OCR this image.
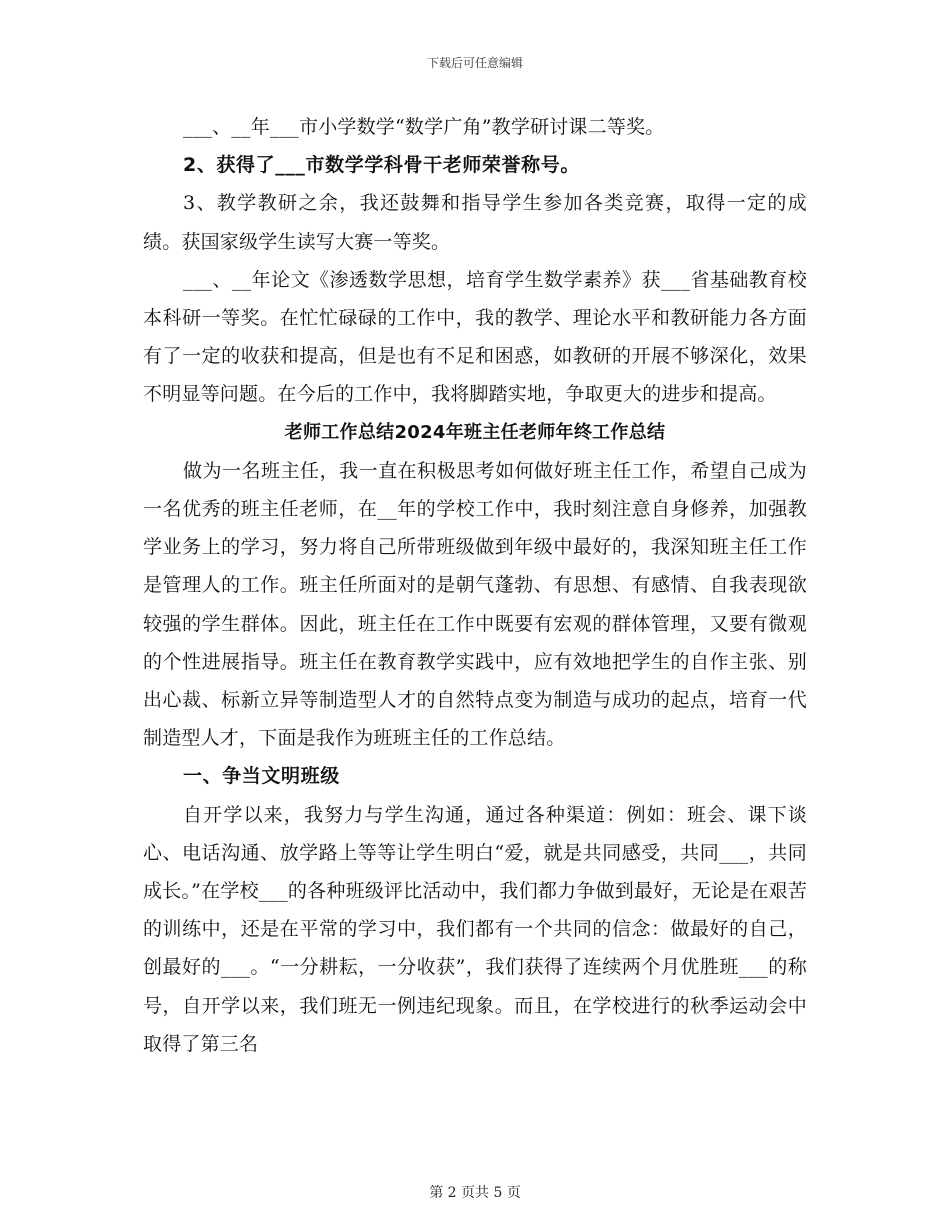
下载后可任意编辑

___、__年___市小学数学“数学广角”教学研讨课二等奖。

2、获得了___市数学学科骨干老师荣誉称号。

3、教学教研之余，我还鼓舞和指导学生参加各类竞赛，取得一定的成绩。获国家级学生读写大赛一等奖。

___、__年论文《渗透数学思想，培育学生数学素养》获___省基础教育校本科研一等奖。在忙忙碌碌的工作中，我的教学、理论水平和教研能力各方面有了一定的收获和提高，但是也有不足和困惑，如教研的开展不够深化，效果不明显等问题。在今后的工作中，我将脚踏实地，争取更大的进步和提高。

老师工作总结2024年班主任老师年终工作总结

做为一名班主任，我一直在积极思考如何做好班主任工作，希望自己成为一名优秀的班主任老师，在__年的学校工作中，我时刻注意自身修养，加强教学业务上的学习，努力将自己所带班级做到年级中最好的，我深知班主任工作是管理人的工作。班主任所面对的是朝气蓬勃、有思想、有感情、自我表现欲较强的学生群体。因此，班主任在工作中既要有宏观的群体管理，又要有微观的个性进展指导。班主任在教育教学实践中，应有效地把学生的自作主张、别出心裁、标新立异等制造型人才的自然特点变为制造与成功的起点，培育一代制造型人才，下面是我作为班班主任的工作总结。

一、争当文明班级

自开学以来，我努力与学生沟通，通过各种渠道：例如：班会、课下谈心、电话沟通、放学路上等等让学生明白“爱，就是共同感受，共同___，共同成长。”在学校___的各种班级评比活动中，我们都力争做到最好，无论是在艰苦的训练中，还是在平常的学习中，我们都有一个共同的信念：做最好的自己，创最好的___。“一分耕耘，一分收获”，我们获得了连续两个月优胜班___的称号，自开学以来，我们班无一例违纪现象。而且，在学校进行的秋季运动会中取得了第三名

第 2 页共 5 页
